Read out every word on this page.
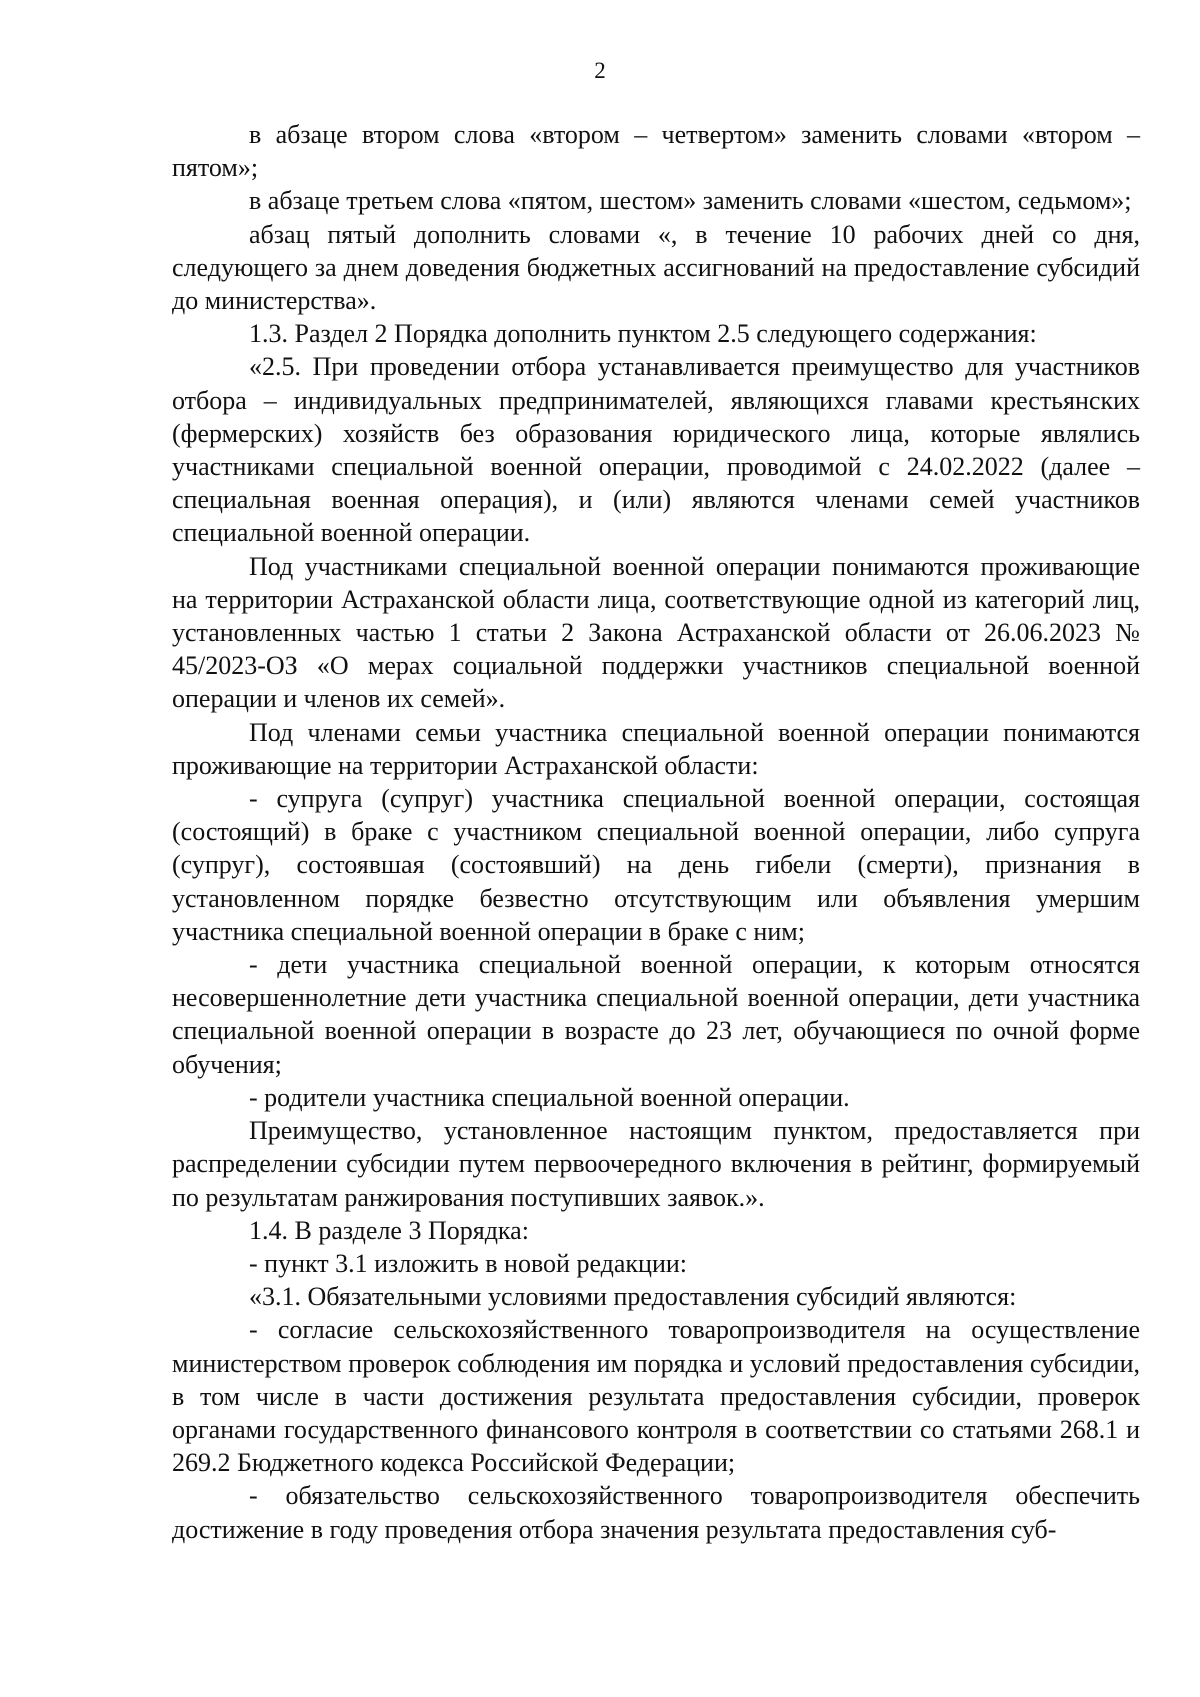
2

в абзаце втором слова «втором – четвертом» заменить словами «втором – пятом»;

в абзаце третьем слова «пятом, шестом» заменить словами «шестом, седьмом»;

абзац пятый дополнить словами «, в течение 10 рабочих дней со дня, следующего за днем доведения бюджетных ассигнований на предоставление субсидий до министерства».

1.3. Раздел 2 Порядка дополнить пунктом 2.5 следующего содержания:

«2.5. При проведении отбора устанавливается преимущество для участников отбора – индивидуальных предпринимателей, являющихся главами крестьянских (фермерских) хозяйств без образования юридического лица, которые являлись участниками специальной военной операции, проводимой с 24.02.2022 (далее – специальная военная операция), и (или) являются членами семей участников специальной военной операции.

Под участниками специальной военной операции понимаются проживающие на территории Астраханской области лица, соответствующие одной из категорий лиц, установленных частью 1 статьи 2 Закона Астраханской области от 26.06.2023 № 45/2023-ОЗ «О мерах социальной поддержки участников специальной военной операции и членов их семей».

Под членами семьи участника специальной военной операции понимаются проживающие на территории Астраханской области:

- супруга (супруг) участника специальной военной операции, состоящая (состоящий) в браке с участником специальной военной операции, либо супруга (супруг), состоявшая (состоявший) на день гибели (смерти), признания в установленном порядке безвестно отсутствующим или объявления умершим участника специальной военной операции в браке с ним;

- дети участника специальной военной операции, к которым относятся несовершеннолетние дети участника специальной военной операции, дети участника специальной военной операции в возрасте до 23 лет, обучающиеся по очной форме обучения;

- родители участника специальной военной операции.

Преимущество, установленное настоящим пунктом, предоставляется при распределении субсидии путем первоочередного включения в рейтинг, формируемый по результатам ранжирования поступивших заявок.».

1.4. В разделе 3 Порядка:

- пункт 3.1 изложить в новой редакции:

«3.1. Обязательными условиями предоставления субсидий являются:

- согласие сельскохозяйственного товаропроизводителя на осуществление министерством проверок соблюдения им порядка и условий предоставления субсидии, в том числе в части достижения результата предоставления субсидии, проверок органами государственного финансового контроля в соответствии со статьями 268.1 и 269.2 Бюджетного кодекса Российской Федерации;

- обязательство сельскохозяйственного товаропроизводителя обеспечить достижение в году проведения отбора значения результата предоставления суб-
